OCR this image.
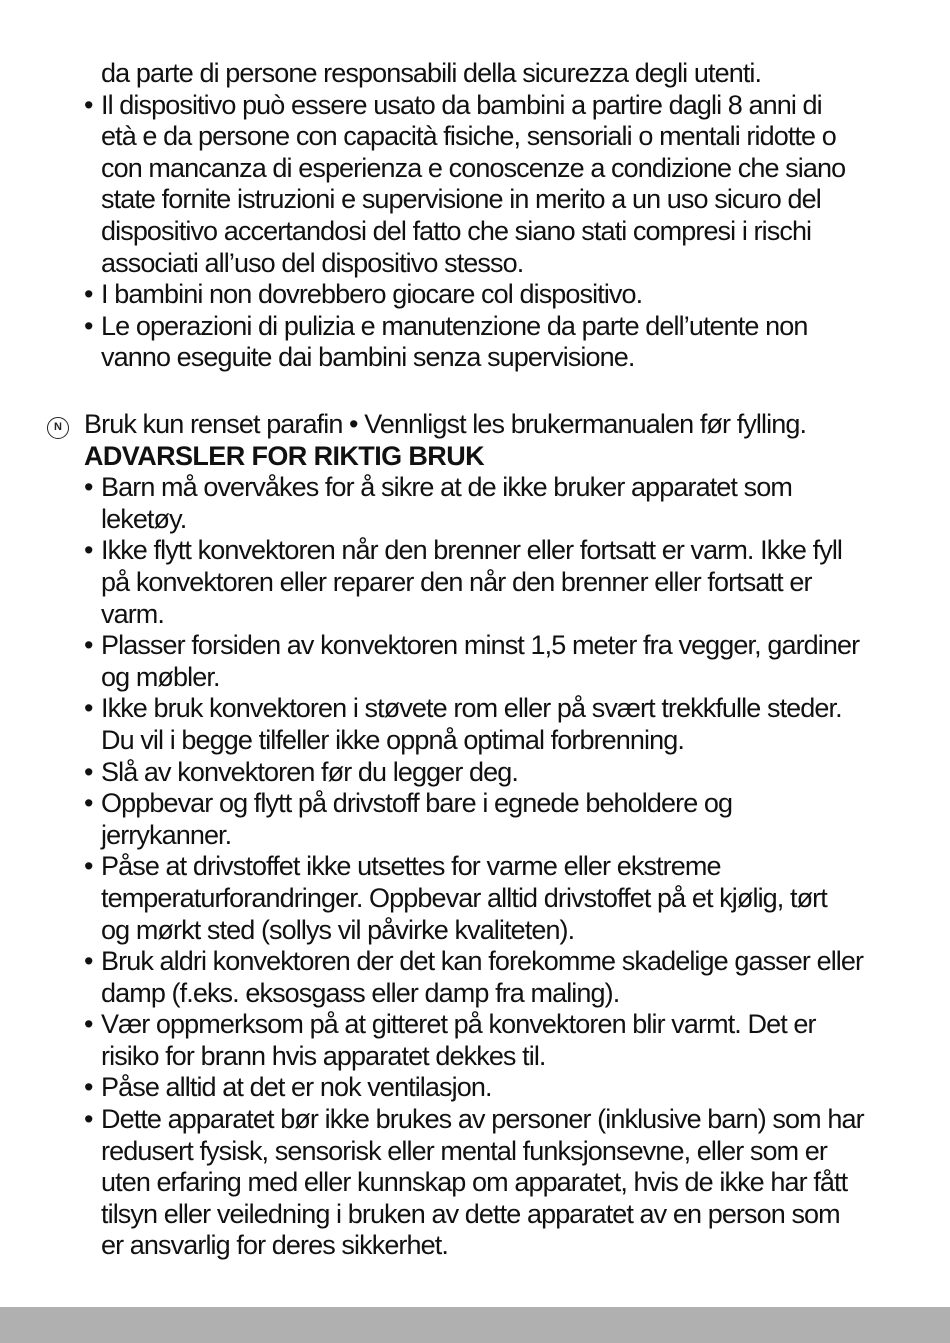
da parte di persone responsabili della sicurezza degli utenti.
• Il dispositivo può essere usato da bambini a partire dagli 8 anni di
età e da persone con capacità fisiche, sensoriali o mentali ridotte o
con mancanza di esperienza e conoscenze a condizione che siano
state fornite istruzioni e supervisione in merito a un uso sicuro del
dispositivo accertandosi del fatto che siano stati compresi i rischi
associati all’uso del dispositivo stesso.
• I bambini non dovrebbero giocare col dispositivo.
• Le operazioni di pulizia e manutenzione da parte dell’utente non
vanno eseguite dai bambini senza supervisione.
N Bruk kun renset parafin • Vennligst les brukermanualen før fylling.
ADVARSLER FOR RIKTIG BRUK
• Barn må overvåkes for å sikre at de ikke bruker apparatet som
leketøy.
• Ikke flytt konvektoren når den brenner eller fortsatt er varm. Ikke fyll
på konvektoren eller reparer den når den brenner eller fortsatt er
varm.
• Plasser forsiden av konvektoren minst 1,5 meter fra vegger, gardiner
og møbler.
• Ikke bruk konvektoren i støvete rom eller på svært trekkfulle steder.
Du vil i begge tilfeller ikke oppnå optimal forbrenning.
• Slå av konvektoren før du legger deg.
• Oppbevar og flytt på drivstoff bare i egnede beholdere og
jerrykanner.
• Påse at drivstoffet ikke utsettes for varme eller ekstreme
temperaturforandringer. Oppbevar alltid drivstoffet på et kjølig, tørt
og mørkt sted (sollys vil påvirke kvaliteten).
• Bruk aldri konvektoren der det kan forekomme skadelige gasser eller
damp (f.eks. eksosgass eller damp fra maling).
• Vær oppmerksom på at gitteret på konvektoren blir varmt. Det er
risiko for brann hvis apparatet dekkes til.
• Påse alltid at det er nok ventilasjon.
• Dette apparatet bør ikke brukes av personer (inklusive barn) som har
redusert fysisk, sensorisk eller mental funksjonsevne, eller som er
uten erfaring med eller kunnskap om apparatet, hvis de ikke har fått
tilsyn eller veiledning i bruken av dette apparatet av en person som
er ansvarlig for deres sikkerhet.
